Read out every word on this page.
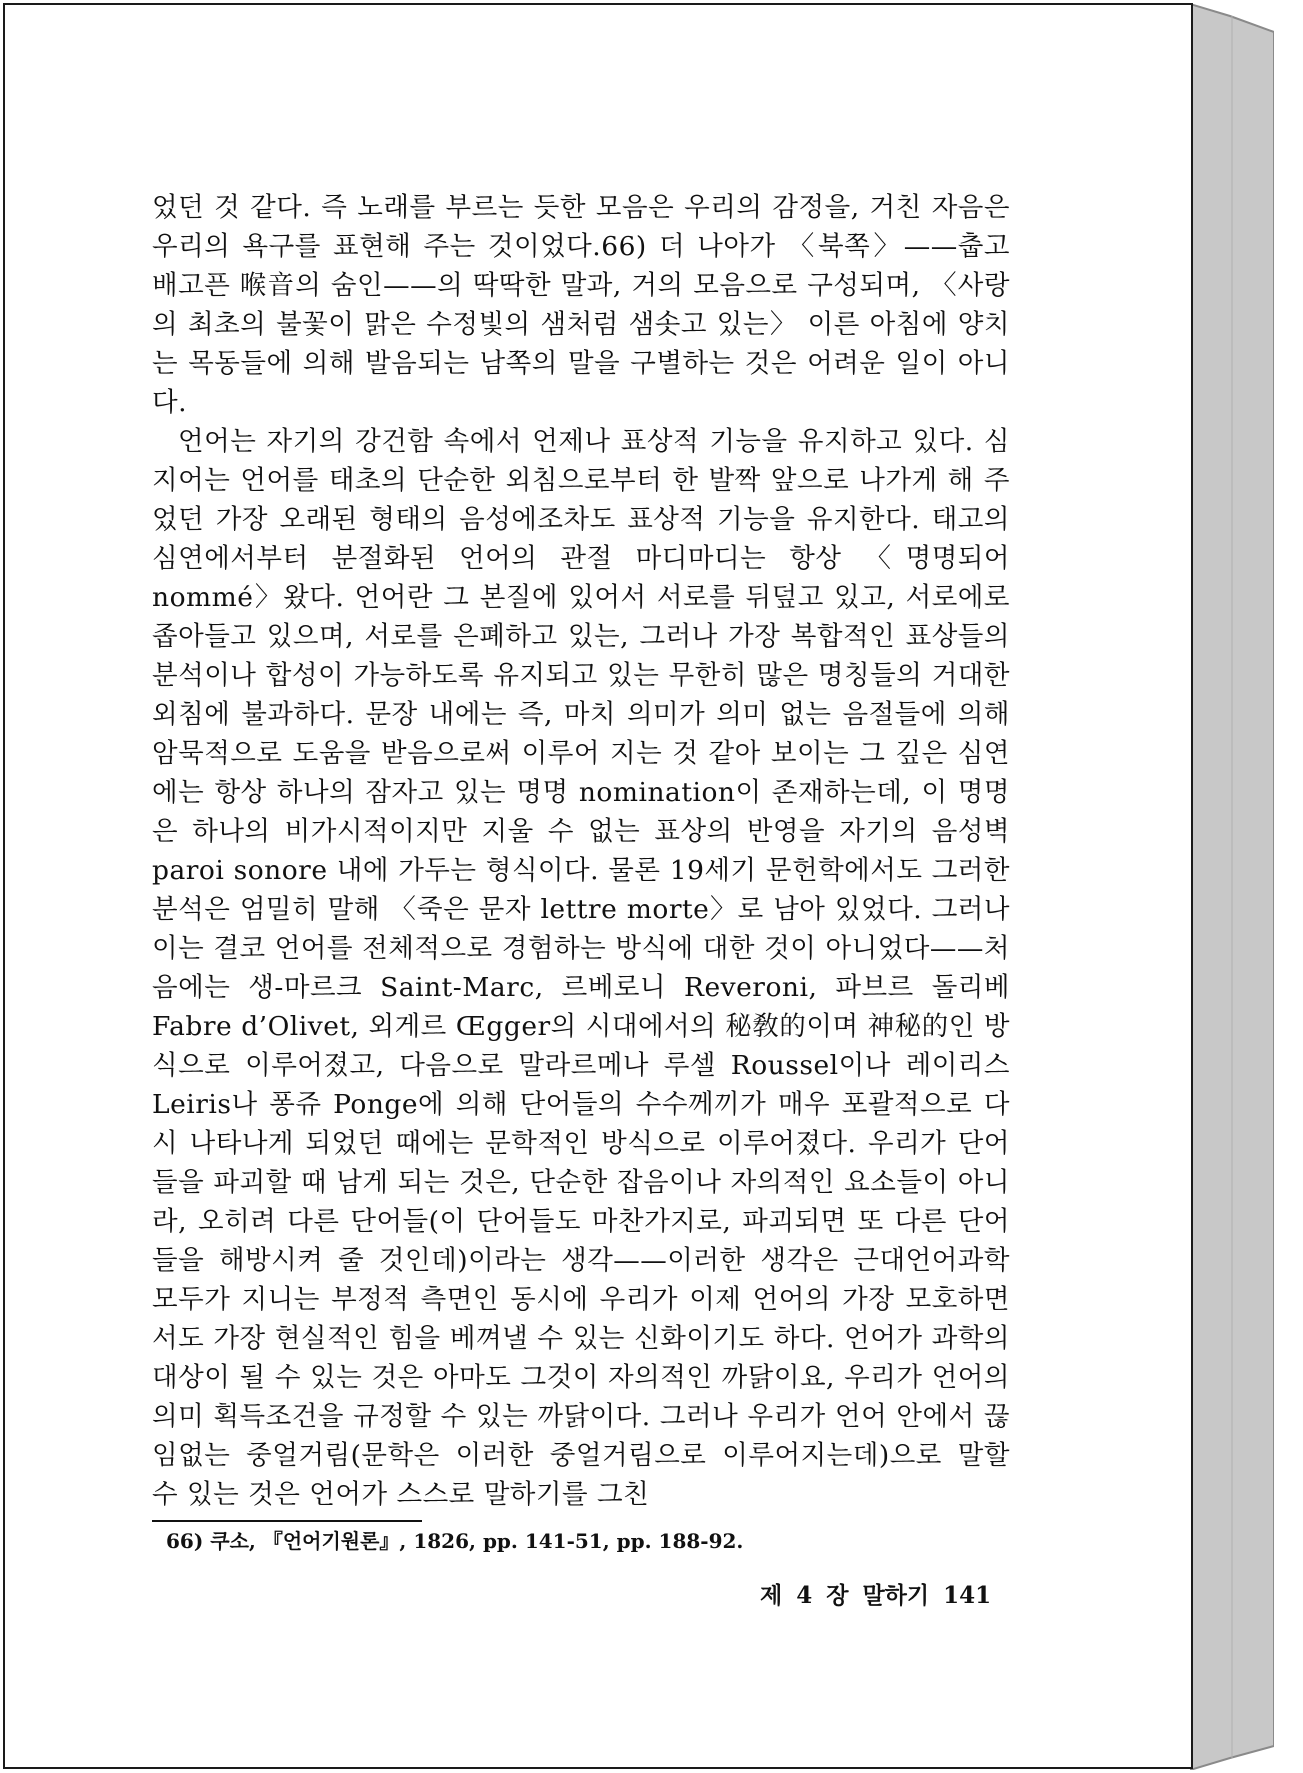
었던 것 같다. 즉 노래를 부르는 듯한 모음은 우리의 감정을, 거친 자음은 우리의 욕구를 표현해 주는 것이었다.66) 더 나아가 〈북쪽〉——춥고 배고픈 喉音의 숨인——의 딱딱한 말과, 거의 모음으로 구성되며, 〈사랑의 최초의 불꽃이 맑은 수정빛의 샘처럼 샘솟고 있는〉 이른 아침에 양치는 목동들에 의해 발음되는 남쪽의 말을 구별하는 것은 어려운 일이 아니다.

언어는 자기의 강건함 속에서 언제나 표상적 기능을 유지하고 있다. 심지어는 언어를 태초의 단순한 외침으로부터 한 발짝 앞으로 나가게 해 주었던 가장 오래된 형태의 음성에조차도 표상적 기능을 유지한다. 태고의 심연에서부터 분절화된 언어의 관절 마디마디는 항상 〈명명되어 nommé〉왔다. 언어란 그 본질에 있어서 서로를 뒤덮고 있고, 서로에로 좁아들고 있으며, 서로를 은폐하고 있는, 그러나 가장 복합적인 표상들의 분석이나 합성이 가능하도록 유지되고 있는 무한히 많은 명칭들의 거대한 외침에 불과하다. 문장 내에는 즉, 마치 의미가 의미 없는 음절들에 의해 암묵적으로 도움을 받음으로써 이루어 지는 것 같아 보이는 그 깊은 심연에는 항상 하나의 잠자고 있는 명명 nomination이 존재하는데, 이 명명은 하나의 비가시적이지만 지울 수 없는 표상의 반영을 자기의 음성벽 paroi sonore 내에 가두는 형식이다. 물론 19세기 문헌학에서도 그러한 분석은 엄밀히 말해 〈죽은 문자 lettre morte〉로 남아 있었다. 그러나 이는 결코 언어를 전체적으로 경험하는 방식에 대한 것이 아니었다——처음에는 생-마르크 Saint-Marc, 르베로니 Reveroni, 파브르 돌리베 Fabre d’Olivet, 외게르 Œgger의 시대에서의 秘敎的이며 神秘的인 방식으로 이루어졌고, 다음으로 말라르메나 루셀 Roussel이나 레이리스 Leiris나 퐁쥬 Ponge에 의해 단어들의 수수께끼가 매우 포괄적으로 다시 나타나게 되었던 때에는 문학적인 방식으로 이루어졌다. 우리가 단어들을 파괴할 때 남게 되는 것은, 단순한 잡음이나 자의적인 요소들이 아니라, 오히려 다른 단어들(이 단어들도 마찬가지로, 파괴되면 또 다른 단어들을 해방시켜 줄 것인데)이라는 생각——이러한 생각은 근대언어과학 모두가 지니는 부정적 측면인 동시에 우리가 이제 언어의 가장 모호하면서도 가장 현실적인 힘을 베껴낼 수 있는 신화이기도 하다. 언어가 과학의 대상이 될 수 있는 것은 아마도 그것이 자의적인 까닭이요, 우리가 언어의 의미 획득조건을 규정할 수 있는 까닭이다. 그러나 우리가 언어 안에서 끊임없는 중얼거림(문학은 이러한 중얼거림으로 이루어지는데)으로 말할 수 있는 것은 언어가 스스로 말하기를 그친

66) 쿠소, 『언어기원론』, 1826, pp. 141-51, pp. 188-92.
제 4 장 말하기 141
